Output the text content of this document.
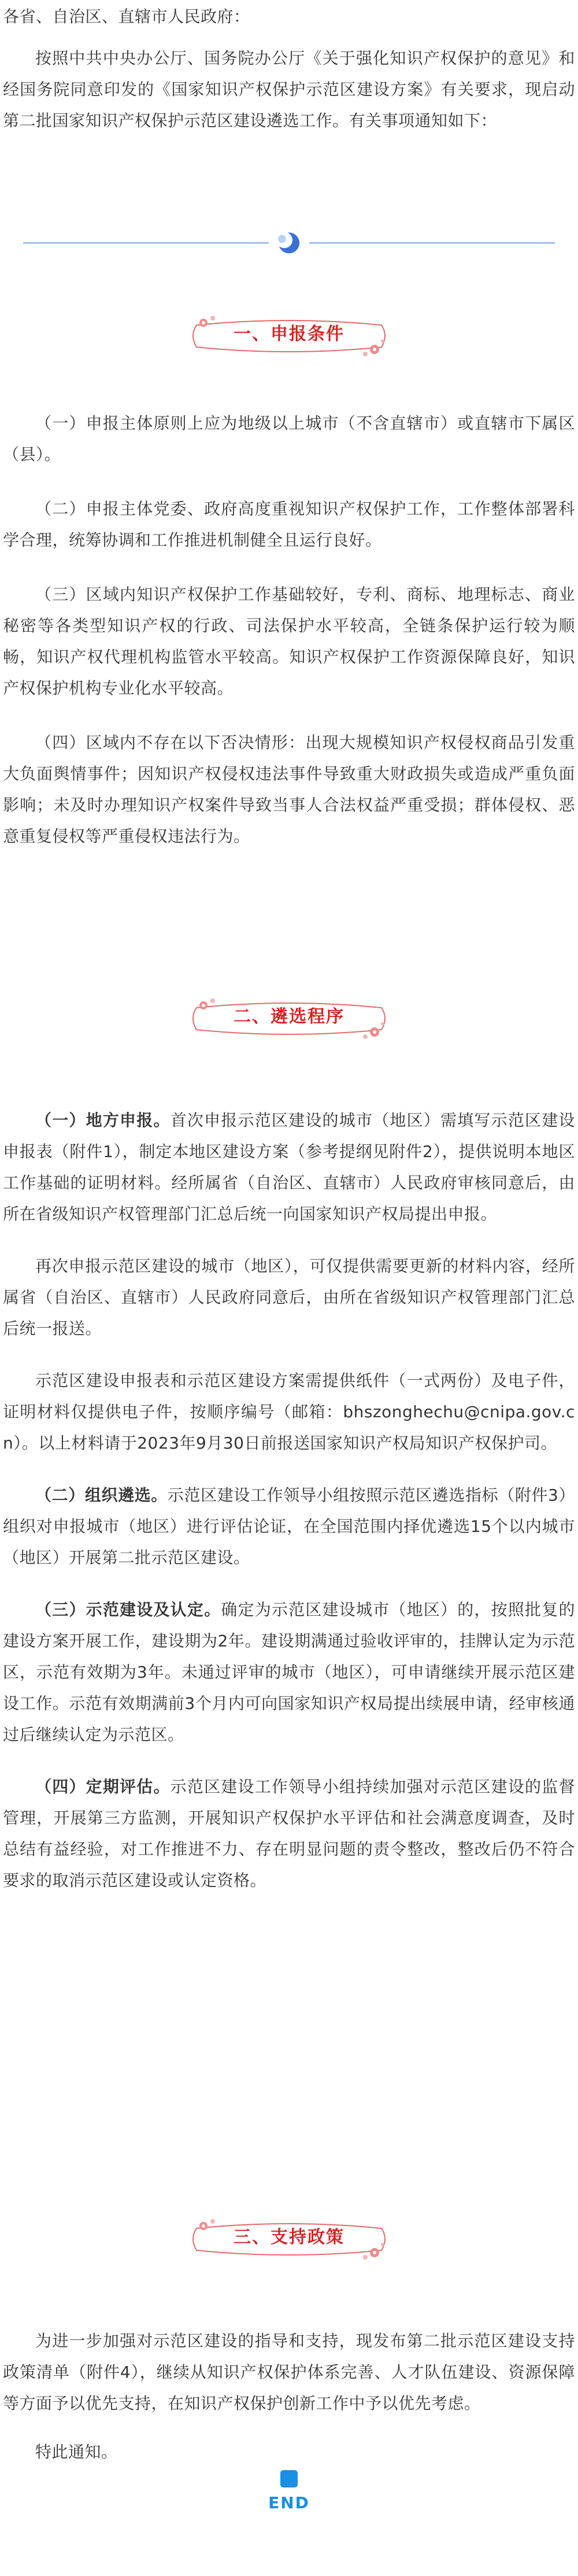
各省、自治区、直辖市人民政府：

按照中共中央办公厅、国务院办公厅《关于强化知识产权保护的意见》和经国务院同意印发的《国家知识产权保护示范区建设方案》有关要求，现启动第二批国家知识产权保护示范区建设遴选工作。有关事项通知如下：

一、申报条件

（一）申报主体原则上应为地级以上城市（不含直辖市）或直辖市下属区（县）。

（二）申报主体党委、政府高度重视知识产权保护工作，工作整体部署科学合理，统筹协调和工作推进机制健全且运行良好。

（三）区域内知识产权保护工作基础较好，专利、商标、地理标志、商业秘密等各类型知识产权的行政、司法保护水平较高，全链条保护运行较为顺畅，知识产权代理机构监管水平较高。知识产权保护工作资源保障良好，知识产权保护机构专业化水平较高。

（四）区域内不存在以下否决情形：出现大规模知识产权侵权商品引发重大负面舆情事件；因知识产权侵权违法事件导致重大财政损失或造成严重负面影响；未及时办理知识产权案件导致当事人合法权益严重受损；群体侵权、恶意重复侵权等严重侵权违法行为。

二、遴选程序

（一）地方申报。首次申报示范区建设的城市（地区）需填写示范区建设申报表（附件1），制定本地区建设方案（参考提纲见附件2），提供说明本地区工作基础的证明材料。经所属省（自治区、直辖市）人民政府审核同意后，由所在省级知识产权管理部门汇总后统一向国家知识产权局提出申报。

再次申报示范区建设的城市（地区），可仅提供需要更新的材料内容，经所属省（自治区、直辖市）人民政府同意后，由所在省级知识产权管理部门汇总后统一报送。

示范区建设申报表和示范区建设方案需提供纸件（一式两份）及电子件，证明材料仅提供电子件，按顺序编号（邮箱：bhszonghechu@cnipa.gov.cn）。以上材料请于2023年9月30日前报送国家知识产权局知识产权保护司。

（二）组织遴选。示范区建设工作领导小组按照示范区遴选指标（附件3）组织对申报城市（地区）进行评估论证，在全国范围内择优遴选15个以内城市（地区）开展第二批示范区建设。

（三）示范建设及认定。确定为示范区建设城市（地区）的，按照批复的建设方案开展工作，建设期为2年。建设期满通过验收评审的，挂牌认定为示范区，示范有效期为3年。未通过评审的城市（地区），可申请继续开展示范区建设工作。示范有效期满前3个月内可向国家知识产权局提出续展申请，经审核通过后继续认定为示范区。

（四）定期评估。示范区建设工作领导小组持续加强对示范区建设的监督管理，开展第三方监测，开展知识产权保护水平评估和社会满意度调查，及时总结有益经验，对工作推进不力、存在明显问题的责令整改，整改后仍不符合要求的取消示范区建设或认定资格。

三、支持政策

为进一步加强对示范区建设的指导和支持，现发布第二批示范区建设支持政策清单（附件4），继续从知识产权保护体系完善、人才队伍建设、资源保障等方面予以优先支持，在知识产权保护创新工作中予以优先考虑。

特此通知。

END
